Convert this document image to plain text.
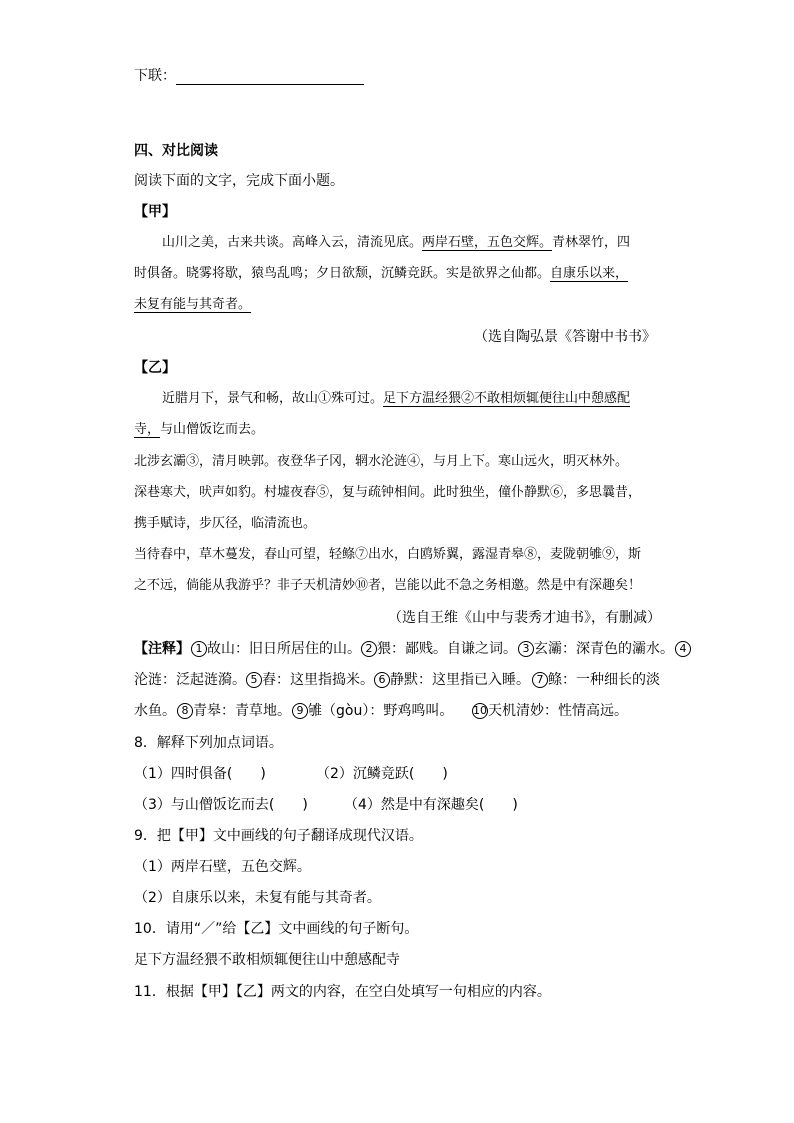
下联：
四、对比阅读
阅读下面的文字，完成下面小题。
【甲】
山川之美，古来共谈。高峰入云，清流见底。两岸石壁，五色交辉。青林翠竹，四
时俱备。晓雾将歇，猿鸟乱鸣；夕日欲颓，沉鳞竞跃。实是欲界之仙都。自康乐以来，
未复有能与其奇者。
（选自陶弘景《答谢中书书》
【乙】
近腊月下，景气和畅，故山①殊可过。足下方温经猥②不敢相烦辄便往山中憩感配
寺，与山僧饭讫而去。
北涉玄灞③，清月映郭。夜登华子冈，辋水沦涟④，与月上下。寒山远火，明灭林外。
深巷寒犬，吠声如豹。村墟夜舂⑤，复与疏钟相间。此时独坐，僮仆静默⑥，多思曩昔，
携手赋诗，步仄径，临清流也。
当待春中，草木蔓发，春山可望，轻鲦⑦出水，白鸥矫翼，露湿青皋⑧，麦陇朝雊⑨，斯
之不远，倘能从我游乎？非子天机清妙⑩者，岂能以此不急之务相邀。然是中有深趣矣！
（选自王维《山中与裴秀才迪书》，有删减）
【注释】 1 故山：旧日所居住的山。 2 猥：鄙贱。自谦之词。 3 玄灞：深青色的灞水。 4
沦涟：泛起涟漪。 5 舂：这里指捣米。 6 静默：这里指已入睡。 7 鲦：一种细长的淡
水鱼。 8 青皋：青草地。 9 雊（gòu）：野鸡鸣叫。 10 天机清妙：性情高远。
8．解释下列加点词语。
（1）四时俱备(　　)	（2）沉鳞竞跃(　　)
（3）与山僧饭讫而去(　　)	（4）然是中有深趣矣(　　)
9．把【甲】文中画线的句子翻译成现代汉语。
（1）两岸石壁，五色交辉。
（2）自康乐以来，未复有能与其奇者。
10．请用“／”给【乙】文中画线的句子断句。
足下方温经猥不敢相烦辄便往山中憩感配寺
11．根据【甲】【乙】两文的内容，在空白处填写一句相应的内容。
